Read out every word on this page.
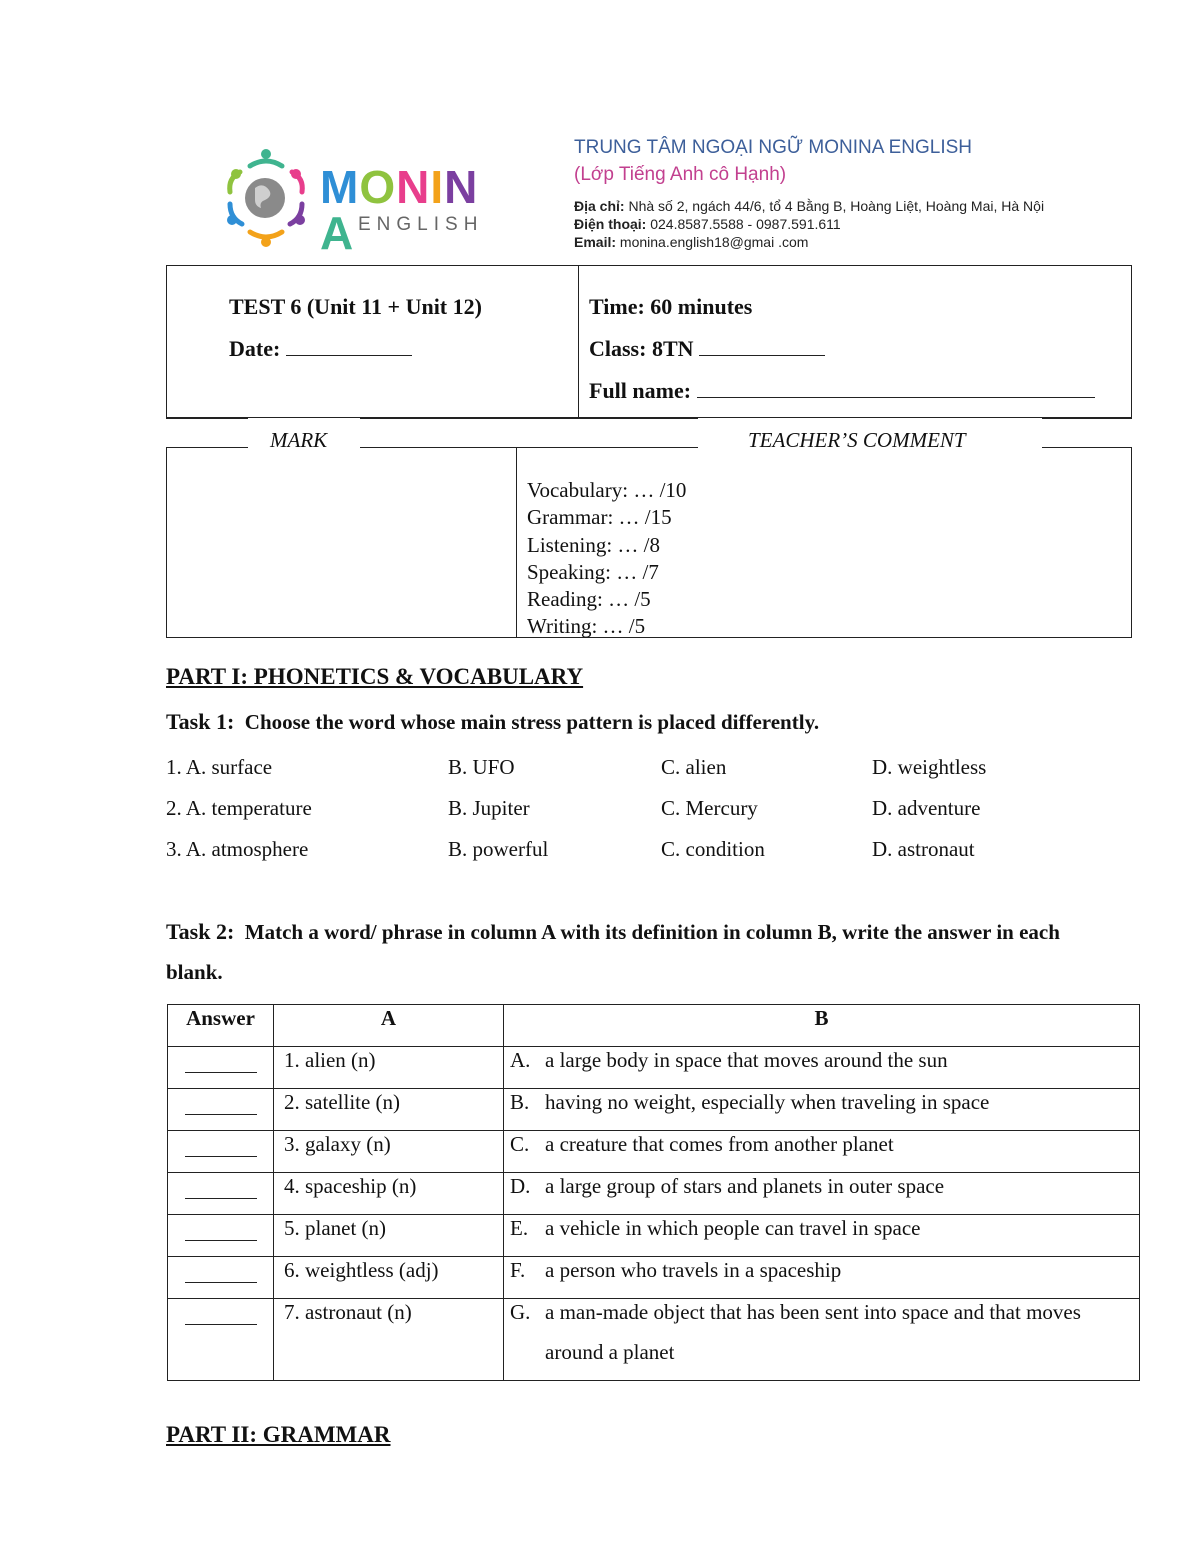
MONINA ENGLISH
TRUNG TÂM NGOẠI NGỮ MONINA ENGLISH
(Lớp Tiếng Anh cô Hạnh)
Địa chỉ: Nhà số 2, ngách 44/6, tổ 4 Bằng B, Hoàng Liệt, Hoàng Mai, Hà Nội
Điện thoại: 024.8587.5588 - 0987.591.611
Email: monina.english18@gmai .com
TEST 6 (Unit 11 + Unit 12)
Date:
Time: 60 minutes
Class: 8TN
Full name:
MARK	TEACHER’S COMMENT
Vocabulary: … /10
Grammar: … /15
Listening: … /8
Speaking: … /7
Reading: … /5
Writing: … /5
PART I: PHONETICS & VOCABULARY
Task 1: Choose the word whose main stress pattern is placed differently.
1. A. surface	B. UFO	C. alien	D. weightless
2. A. temperature	B. Jupiter	C. Mercury	D. adventure
3. A. atmosphere	B. powerful	C. condition	D. astronaut
Task 2: Match a word/ phrase in column A with its definition in column B, write the answer in each
blank.
Answer	A	B
	1. alien (n)	A. a large body in space that moves around the sun
	2. satellite (n)	B. having no weight, especially when traveling in space
	3. galaxy (n)	C. a creature that comes from another planet
	4. spaceship (n)	D. a large group of stars and planets in outer space
	5. planet (n)	E. a vehicle in which people can travel in space
	6. weightless (adj)	F. a person who travels in a spaceship
	7. astronaut (n)	G. a man-made object that has been sent into space and that moves around a planet
PART II: GRAMMAR
